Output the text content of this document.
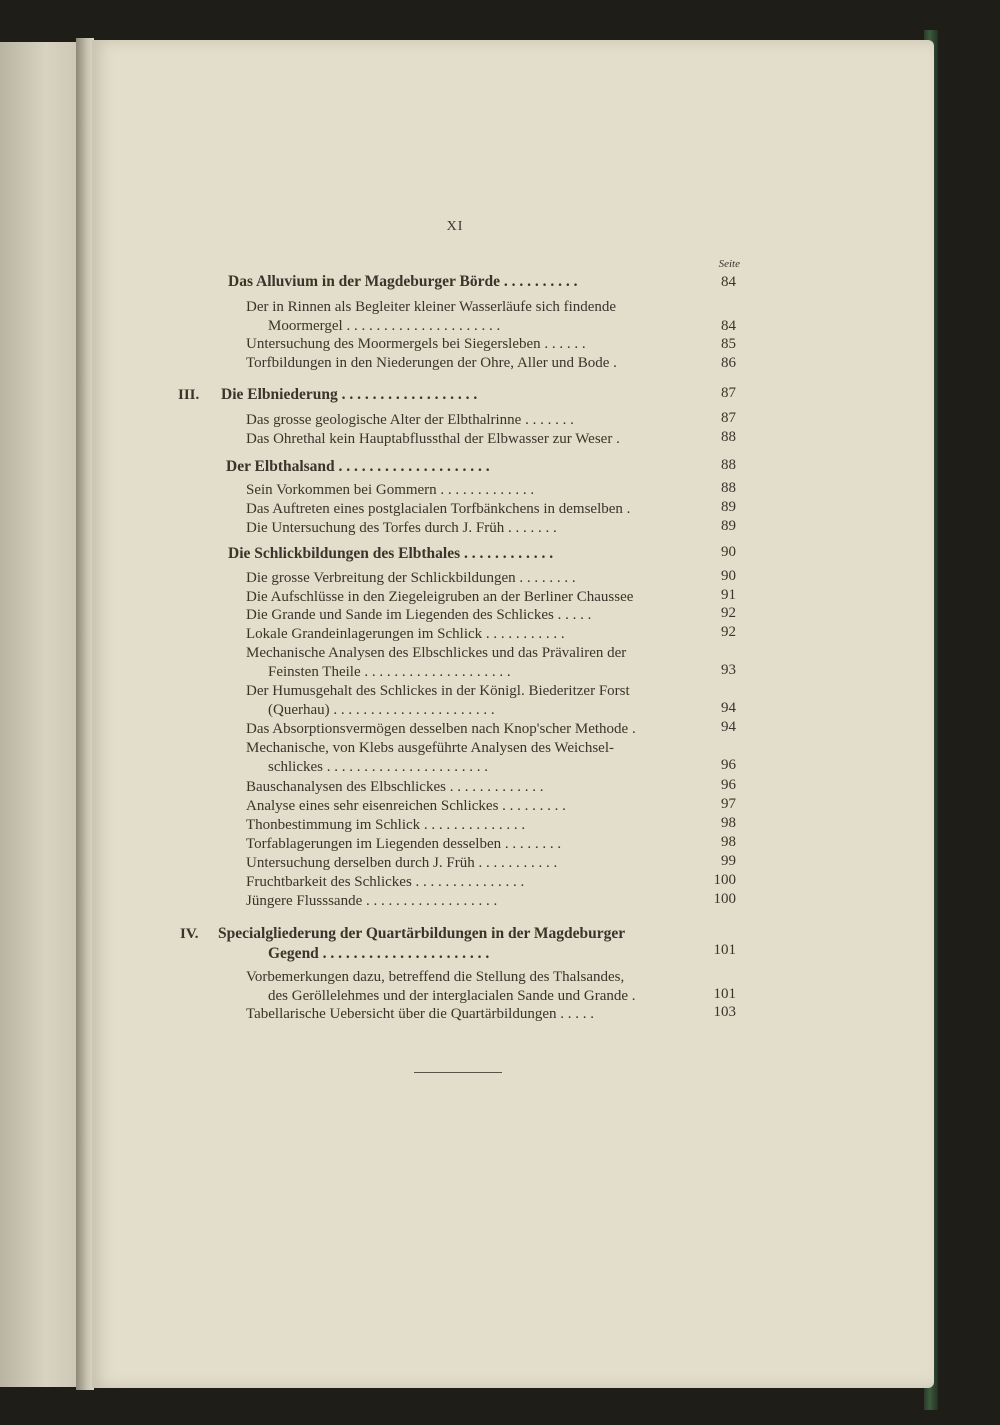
XI
Seite
Das Alluvium in der Magdeburger Börde . . . . . . . . . .	84
Der in Rinnen als Begleiter kleiner Wasserläufe sich findende
Moormergel . . . . . . . . . . . . . . . . . . . . .	84
Untersuchung des Moormergels bei Siegersleben . . . . . .	85
Torfbildungen in den Niederungen der Ohre, Aller und Bode .	86
III. Die Elbniederung . . . . . . . . . . . . . . . . . .	87
Das grosse geologische Alter der Elbthalrinne . . . . . . .	87
Das Ohrethal kein Hauptabflussthal der Elbwasser zur Weser .	88
Der Elbthalsand . . . . . . . . . . . . . . . . . . . .	88
Sein Vorkommen bei Gommern . . . . . . . . . . . . .	88
Das Auftreten eines postglacialen Torfbänkchens in demselben .	89
Die Untersuchung des Torfes durch J. Früh . . . . . . .	89
Die Schlickbildungen des Elbthales . . . . . . . . . . . .	90
Die grosse Verbreitung der Schlickbildungen . . . . . . . .	90
Die Aufschlüsse in den Ziegeleigruben an der Berliner Chaussee	91
Die Grande und Sande im Liegenden des Schlickes . . . . .	92
Lokale Grandeinlagerungen im Schlick . . . . . . . . . . .	92
Mechanische Analysen des Elbschlickes und das Prävaliren der
Feinsten Theile . . . . . . . . . . . . . . . . . . . .	93
Der Humusgehalt des Schlickes in der Königl. Biederitzer Forst
(Querhau) . . . . . . . . . . . . . . . . . . . . . .	94
Das Absorptionsvermögen desselben nach Knop'scher Methode .	94
Mechanische, von Klebs ausgeführte Analysen des Weichsel-
schlickes . . . . . . . . . . . . . . . . . . . . . .	96
Bauschanalysen des Elbschlickes . . . . . . . . . . . . .	96
Analyse eines sehr eisenreichen Schlickes . . . . . . . . .	97
Thonbestimmung im Schlick . . . . . . . . . . . . . .	98
Torfablagerungen im Liegenden desselben . . . . . . . .	98
Untersuchung derselben durch J. Früh . . . . . . . . . . .	99
Fruchtbarkeit des Schlickes . . . . . . . . . . . . . . .	100
Jüngere Flusssande . . . . . . . . . . . . . . . . . .	100
IV. Specialgliederung der Quartärbildungen in der Magdeburger
Gegend . . . . . . . . . . . . . . . . . . . . . .	101
Vorbemerkungen dazu, betreffend die Stellung des Thalsandes,
des Geröllelehmes und der interglacialen Sande und Grande .	101
Tabellarische Uebersicht über die Quartärbildungen . . . . .	103
